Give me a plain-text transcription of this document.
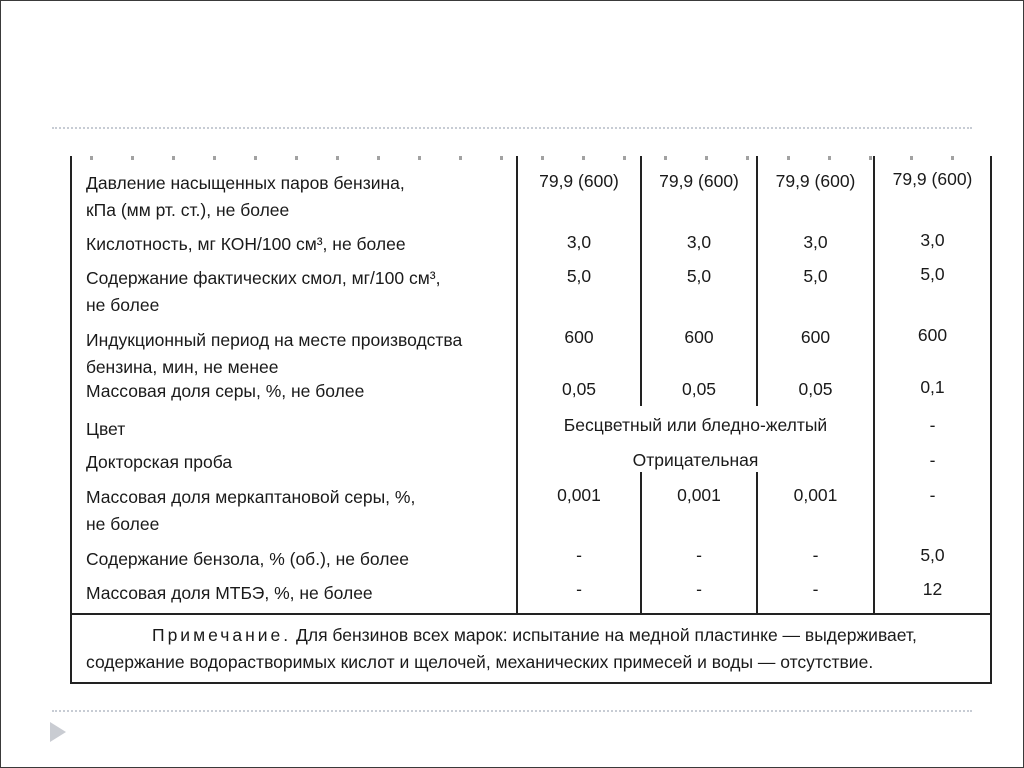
Давление насыщенных паров бензина,
кПа (мм рт. ст.), не более
79,9 (600)	79,9 (600)	79,9 (600)	79,9 (600)
Кислотность, мг КОН/100 см³, не более	3,0	3,0	3,0	3,0
Содержание фактических смол, мг/100 см³,
не более
5,0	5,0	5,0	5,0
Индукционный период на месте производства
бензина, мин, не менее
600	600	600	600
Массовая доля серы, %, не более	0,05	0,05	0,05	0,1
Цвет	Бесцветный или бледно-желтый	-
Докторская проба	Отрицательная	-
Массовая доля меркаптановой серы, %,
не более
0,001	0,001	0,001	-
Содержание бензола, % (об.), не более	-	-	-	5,0
Массовая доля МТБЭ, %, не более	-	-	-	12
Примечание. Для бензинов всех марок: испытание на медной пластинке — выдерживает,
содержание водорастворимых кислот и щелочей, механических примесей и воды — отсутствие.
